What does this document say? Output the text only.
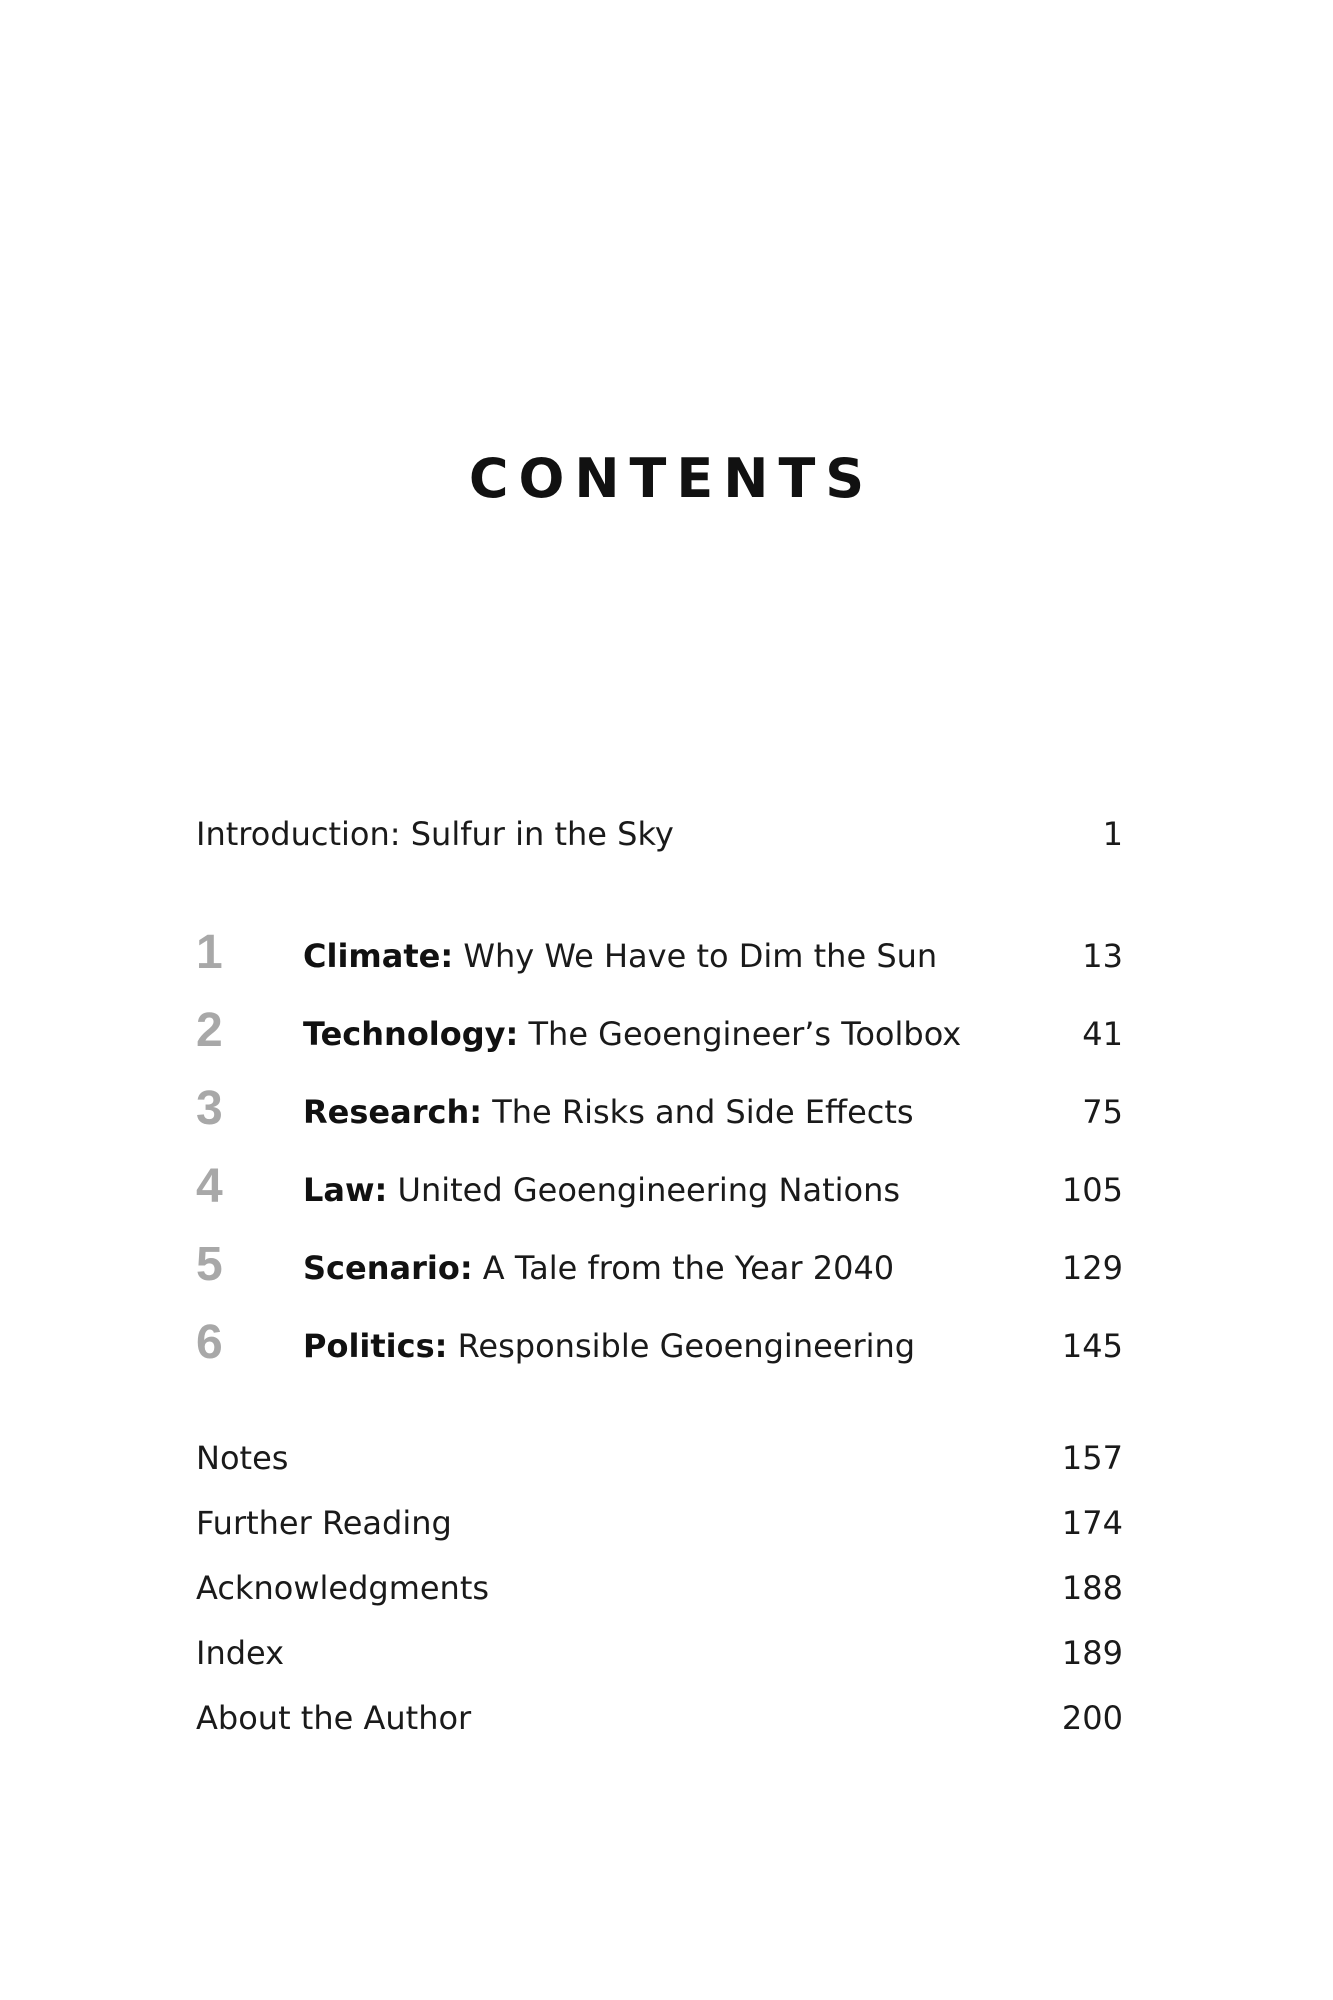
CONTENTS
Introduction: Sulfur in the Sky	1
1	Climate: Why We Have to Dim the Sun	13
2	Technology: The Geoengineer’s Toolbox	41
3	Research: The Risks and Side Effects	75
4	Law: United Geoengineering Nations	105
5	Scenario: A Tale from the Year 2040	129
6	Politics: Responsible Geoengineering	145
Notes	157
Further Reading	174
Acknowledgments	188
Index	189
About the Author	200
